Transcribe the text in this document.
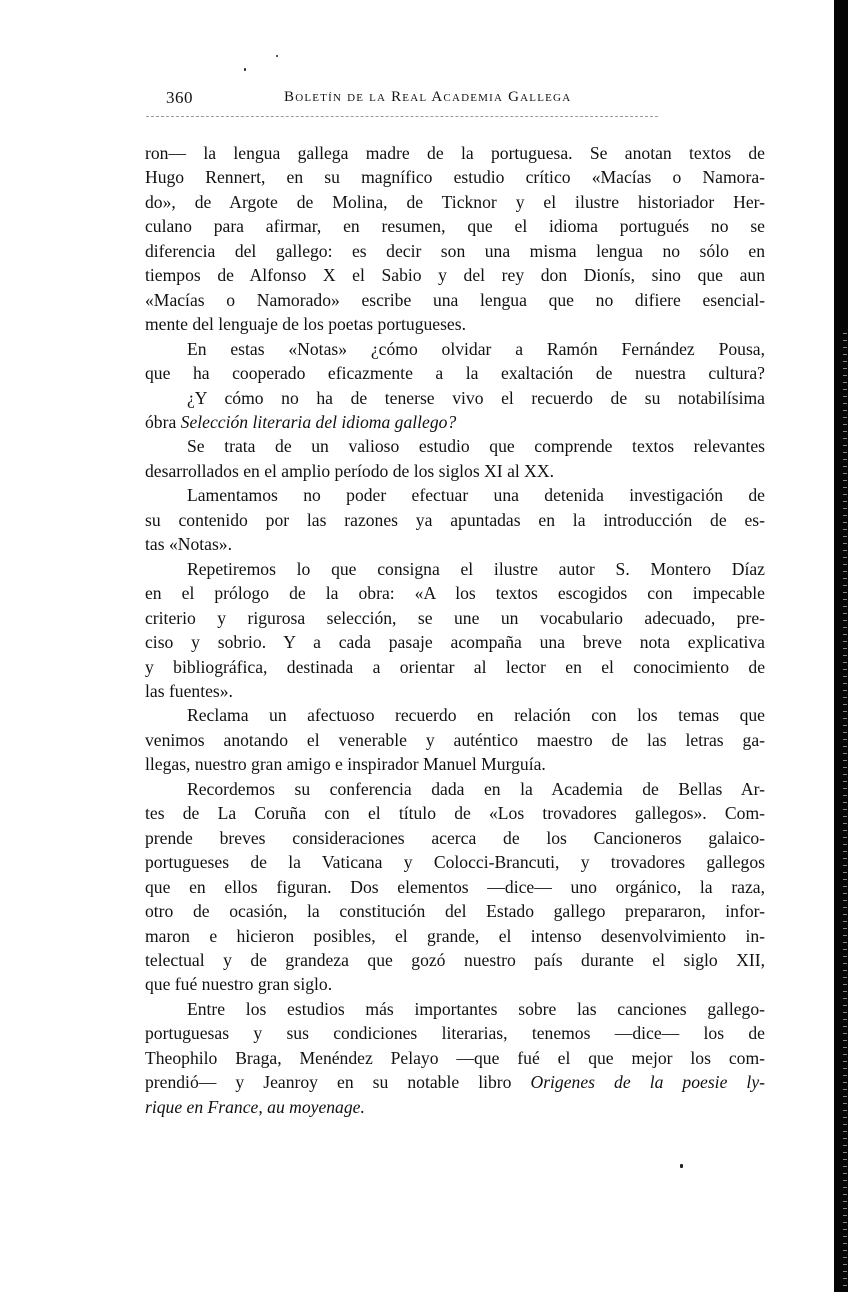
360	Boletín de la Real Academia Gallega
ron— la lengua gallega madre de la portuguesa. Se anotan textos de
Hugo Rennert, en su magnífico estudio crítico «Macías o Namora-
do», de Argote de Molina, de Ticknor y el ilustre historiador Her-
culano para afirmar, en resumen, que el idioma portugués no se
diferencia del gallego: es decir son una misma lengua no sólo en
tiempos de Alfonso X el Sabio y del rey don Dionís, sino que aun
«Macías o Namorado» escribe una lengua que no difiere esencial-
mente del lenguaje de los poetas portugueses.
En estas «Notas» ¿cómo olvidar a Ramón Fernández Pousa,
que ha cooperado eficazmente a la exaltación de nuestra cultura?
¿Y cómo no ha de tenerse vivo el recuerdo de su notabilísima
óbra Selección literaria del idioma gallego?
Se trata de un valioso estudio que comprende textos relevantes
desarrollados en el amplio período de los siglos XI al XX.
Lamentamos no poder efectuar una detenida investigación de
su contenido por las razones ya apuntadas en la introducción de es-
tas «Notas».
Repetiremos lo que consigna el ilustre autor S. Montero Díaz
en el prólogo de la obra: «A los textos escogidos con impecable
criterio y rigurosa selección, se une un vocabulario adecuado, pre-
ciso y sobrio. Y a cada pasaje acompaña una breve nota explicativa
y bibliográfica, destinada a orientar al lector en el conocimiento de
las fuentes».
Reclama un afectuoso recuerdo en relación con los temas que
venimos anotando el venerable y auténtico maestro de las letras ga-
llegas, nuestro gran amigo e inspirador Manuel Murguía.
Recordemos su conferencia dada en la Academia de Bellas Ar-
tes de La Coruña con el título de «Los trovadores gallegos». Com-
prende breves consideraciones acerca de los Cancioneros galaico-
portugueses de la Vaticana y Colocci-Brancuti, y trovadores gallegos
que en ellos figuran. Dos elementos —dice— uno orgánico, la raza,
otro de ocasión, la constitución del Estado gallego prepararon, infor-
maron e hicieron posibles, el grande, el intenso desenvolvimiento in-
telectual y de grandeza que gozó nuestro país durante el siglo XII,
que fué nuestro gran siglo.
Entre los estudios más importantes sobre las canciones gallego-
portuguesas y sus condiciones literarias, tenemos —dice— los de
Theophilo Braga, Menéndez Pelayo —que fué el que mejor los com-
prendió— y Jeanroy en su notable libro Origenes de la poesie ly-
rique en France, au moyenage.
